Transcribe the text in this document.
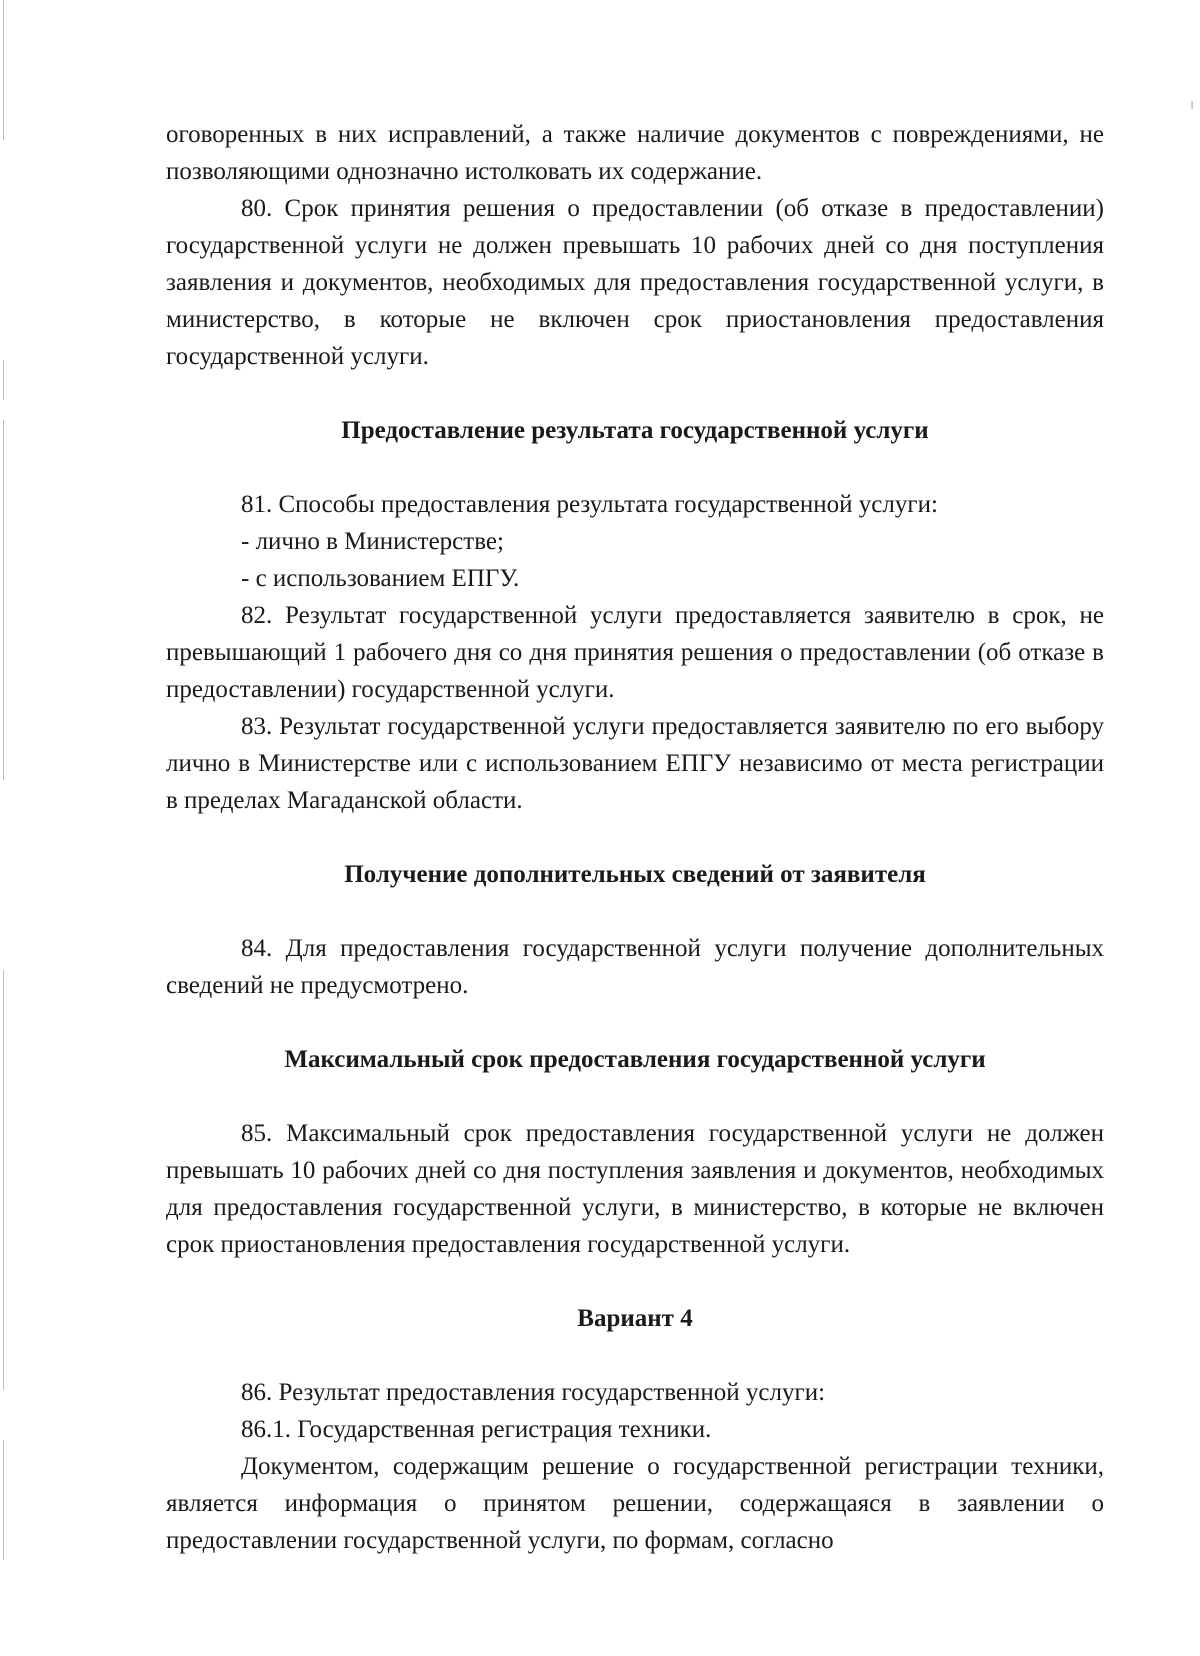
ı

оговоренных в них исправлений, а также наличие документов с повреждениями, не позволяющими однозначно истолковать их содержание.

80. Срок принятия решения о предоставлении (об отказе в предоставлении) государственной услуги не должен превышать 10 рабочих дней со дня поступления заявления и документов, необходимых для предоставления государственной услуги, в министерство, в которые не включен срок приостановления предоставления государственной услуги.

Предоставление результата государственной услуги

81. Способы предоставления результата государственной услуги:

- лично в Министерстве;

- с использованием ЕПГУ.

82. Результат государственной услуги предоставляется заявителю в срок, не превышающий 1 рабочего дня со дня принятия решения о предоставлении (об отказе в предоставлении) государственной услуги.

83. Результат государственной услуги предоставляется заявителю по его выбору лично в Министерстве или с использованием ЕПГУ независимо от места регистрации в пределах Магаданской области.

Получение дополнительных сведений от заявителя

84. Для предоставления государственной услуги получение дополнительных сведений не предусмотрено.

Максимальный срок предоставления государственной услуги

85. Максимальный срок предоставления государственной услуги не должен превышать 10 рабочих дней со дня поступления заявления и документов, необходимых для предоставления государственной услуги, в министерство, в которые не включен срок приостановления предоставления государственной услуги.

Вариант 4

86. Результат предоставления государственной услуги:

86.1. Государственная регистрация техники.

Документом, содержащим решение о государственной регистрации техники, является информация о принятом решении, содержащаяся в заявлении о предоставлении государственной услуги, по формам, согласно
